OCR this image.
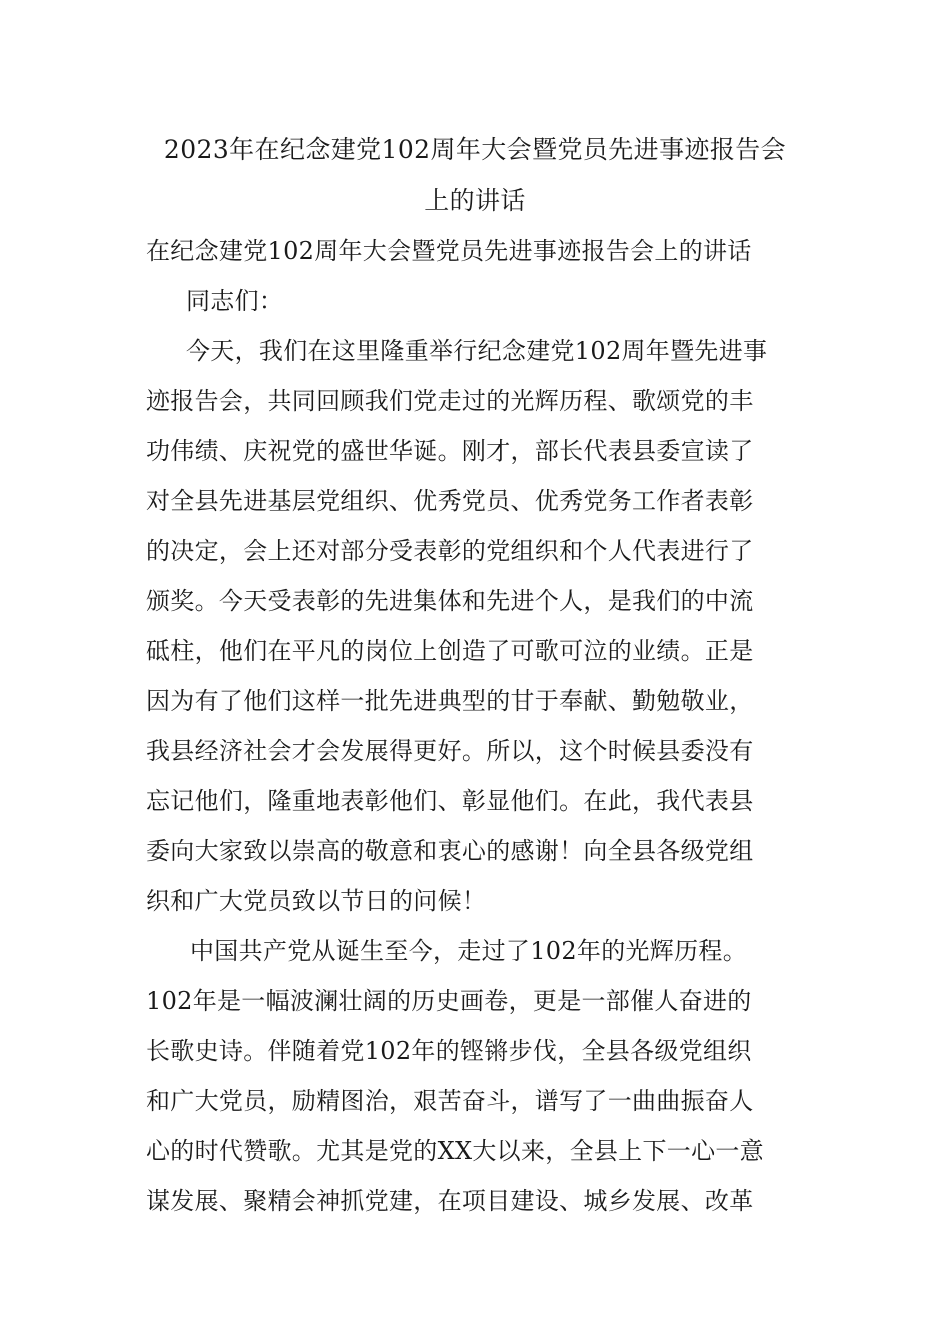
2023年在纪念建党102周年大会暨党员先进事迹报告会
上的讲话
在纪念建党102周年大会暨党员先进事迹报告会上的讲话
同志们：
今天，我们在这里隆重举行纪念建党102周年暨先进事
迹报告会，共同回顾我们党走过的光辉历程、歌颂党的丰
功伟绩、庆祝党的盛世华诞。刚才，部长代表县委宣读了
对全县先进基层党组织、优秀党员、优秀党务工作者表彰
的决定，会上还对部分受表彰的党组织和个人代表进行了
颁奖。今天受表彰的先进集体和先进个人，是我们的中流
砥柱，他们在平凡的岗位上创造了可歌可泣的业绩。正是
因为有了他们这样一批先进典型的甘于奉献、勤勉敬业，
我县经济社会才会发展得更好。所以，这个时候县委没有
忘记他们，隆重地表彰他们、彰显他们。在此，我代表县
委向大家致以崇高的敬意和衷心的感谢！向全县各级党组
织和广大党员致以节日的问候！
中国共产党从诞生至今，走过了102年的光辉历程。
102年是一幅波澜壮阔的历史画卷，更是一部催人奋进的
长歌史诗。伴随着党102年的铿锵步伐，全县各级党组织
和广大党员，励精图治，艰苦奋斗，谱写了一曲曲振奋人
心的时代赞歌。尤其是党的XX大以来，全县上下一心一意
谋发展、聚精会神抓党建，在项目建设、城乡发展、改革
